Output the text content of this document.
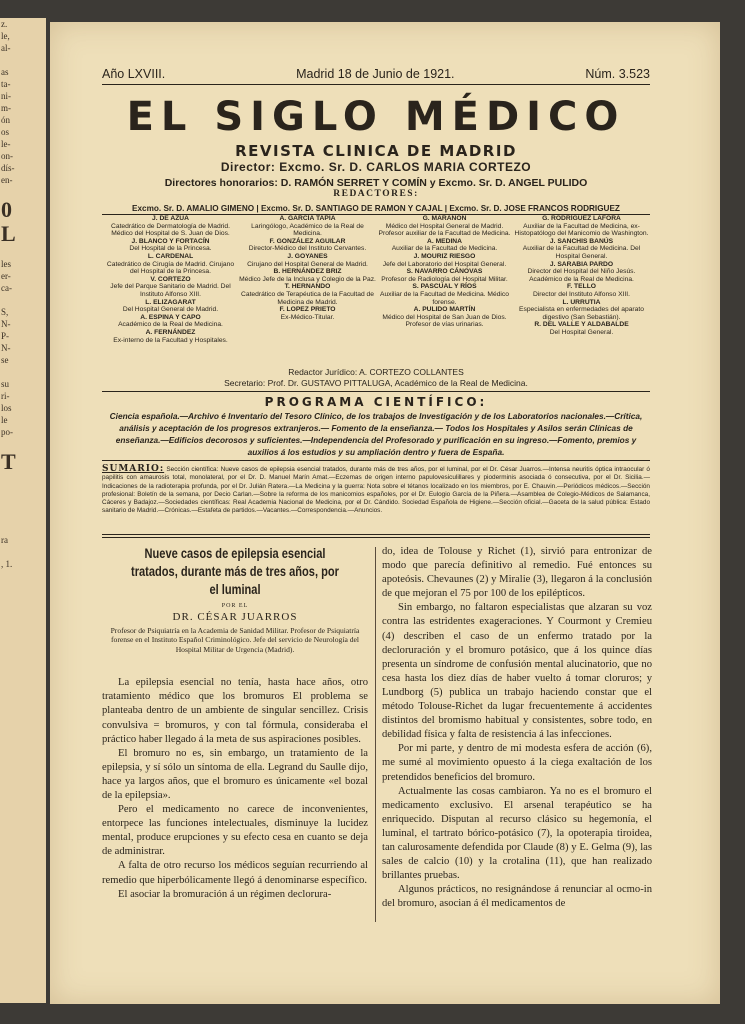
z.
le,
al-

as
ta-
ni-
m-
ón
os
le-
on-
dís-
en-

0
L

les
er-
ca-

S,
N-
P-
N-
se

su
ri-
los
le
po-

T

ra

, 1.
Año LXVIII.	Madrid 18 de Junio de 1921.	Núm. 3.523
EL SIGLO MÉDICO
REVISTA CLINICA DE MADRID
Director: Excmo. Sr. D. CARLOS MARIA CORTEZO
Directores honorarios: D. RAMÓN SERRET Y COMÍN y Excmo. Sr. D. ANGEL PULIDO
REDACTORES:
Excmo. Sr. D. AMALIO GIMENO | Excmo. Sr. D. SANTIAGO DE RAMON Y CAJAL | Excmo. Sr. D. JOSE FRANCOS RODRIGUEZ
J. DE AZÚA
Catedrático de Dermatología de Madrid. Médico del Hospital de S. Juan de Dios.
J. BLANCO Y FORTACÍN
Del Hospital de la Princesa.
L. CARDENAL
Catedrático de Cirugía de Madrid. Cirujano del Hospital de la Princesa.
V. CORTEZO
Jefe del Parque Sanitario de Madrid. Del Instituto Alfonso XIII.
L. ELIZAGARAT
Del Hospital General de Madrid.
A. ESPINA Y CAPO
Académico de la Real de Medicina.
A. FERNÁNDEZ
Ex-interno de la Facultad y Hospitales.
A. GARCÍA TAPIA
Laringólogo, Académico de la Real de Medicina.
F. GONZÁLEZ AGUILAR
Director-Médico del Instituto Cervantes.
J. GOYANES
Cirujano del Hospital General de Madrid.
B. HERNÁNDEZ BRIZ
Médico Jefe de la Inclusa y Colegio de la Paz.
T. HERNANDO
Catedrático de Terapéutica de la Facultad de Medicina de Madrid.
F. LOPEZ PRIETO
Ex-Médico-Titular.
G. MARAÑON
Médico del Hospital General de Madrid. Profesor auxiliar de la Facultad de Medicina.
A. MEDINA
Auxiliar de la Facultad de Medicina.
J. MOURIZ RIESGO
Jefe del Laboratorio del Hospital General.
S. NAVARRO CÁNOVAS
Profesor de Radiología del Hospital Militar.
S. PASCUAL Y RÍOS
Auxiliar de la Facultad de Medicina. Médico forense.
A. PULIDO MARTÍN
Médico del Hospital de San Juan de Dios. Profesor de vías urinarias.
G. RODRÍGUEZ LAFORA
Auxiliar de la Facultad de Medicina, ex-Histopatólogo del Manicomio de Washington.
J. SANCHIS BANÚS
Auxiliar de la Facultad de Medicina. Del Hospital General.
J. SARABIA PARDO
Director del Hospital del Niño Jesús. Académico de la Real de Medicina.
F. TELLO
Director del Instituto Alfonso XIII.
L. URRUTIA
Especialista en enfermedades del aparato digestivo (San Sebastián).
R. DEL VALLE Y ALDABALDE
Del Hospital General.
Redactor Jurídico: A. CORTEZO COLLANTES
Secretario: Prof. Dr. GUSTAVO PITTALUGA, Académico de la Real de Medicina.
PROGRAMA CIENTÍFICO:
Ciencia española.—Archivo é Inventario del Tesoro Clínico, de los trabajos de Investigación y de los Laboratorios nacionales.—Crítica, análisis y aceptación de los progresos extranjeros.— Fomento de la enseñanza.— Todos los Hospitales y Asilos serán Clínicas de enseñanza.—Edificios decorosos y suficientes.—Independencia del Profesorado y purificación en su ingreso.—Fomento, premios y auxilios á los estudios y su ampliación dentro y fuera de España.
SUMARIO: Sección científica: Nueve casos de epilepsia esencial tratados, durante más de tres años, por el luminal, por el Dr. César Juarros.—Intensa neuritis óptica intraocular ó papilitis con amaurosis total, monolateral, por el Dr. D. Manuel Marín Amat.—Eczemas de origen interno papulovesiculillares y pioderminis asociada ó consecutiva, por el Dr. Sicilia.—Indicaciones de la radioterapia profunda, por el Dr. Julián Ratera.—La Medicina y la guerra: Nota sobre el tétanos localizado en los miembros, por E. Chauvin.—Periódicos médicos.—Sección profesional: Boletín de la semana, por Decio Carlan.—Sobre la reforma de los manicomios españoles, por el Dr. Eulogio García de la Piñera.—Asamblea de Colegio-Médicos de Salamanca, Cáceres y Badajoz.—Sociedades científicas: Real Academia Nacional de Medicina, por el Dr. Cándido. Sociedad Española de Higiene.—Sección oficial.—Gaceta de la salud pública: Estado sanitario de Madrid.—Crónicas.—Estafeta de partidos.—Vacantes.—Correspondencia.—Anuncios.
Nueve casos de epilepsia esencial tratados, durante más de tres años, por el luminal
POR EL
DR. CÉSAR JUARROS
Profesor de Psiquiatría en la Academia de Sanidad Militar. Profesor de Psiquiatría forense en el Instituto Español Criminológico. Jefe del servicio de Neurología del Hospital Militar de Urgencia (Madrid).

La epilepsia esencial no tenía, hasta hace años, otro tratamiento médico que los bromuros El problema se planteaba dentro de un ambiente de singular sencillez. Crisis convulsiva = bromuros, y con tal fórmula, consideraba el práctico haber llegado á la meta de sus aspiraciones posibles.

El bromuro no es, sin embargo, un tratamiento de la epilepsia, y sí sólo un síntoma de ella. Legrand du Saulle dijo, hace ya largos años, que el bromuro es únicamente «el bozal de la epilepsia».

Pero el medicamento no carece de inconvenientes, entorpece las funciones intelectuales, disminuye la lucidez mental, produce erupciones y su efecto cesa en cuanto se deja de administrar.

A falta de otro recurso los médicos seguían recurriendo al remedio que hiperbólicamente llegó á denominarse específico.

El asociar la bromuración á un régimen declorura-

do, idea de Tolouse y Richet (1), sirvió para entronizar de modo que parecía definitivo al remedio. Fué entonces su apoteósis. Chevaunes (2) y Miralie (3), llegaron á la conclusión de que mejoran el 75 por 100 de los epilépticos.

Sin embargo, no faltaron especialistas que alzaran su voz contra las estridentes exageraciones. Y Courmont y Cremieu (4) describen el caso de un enfermo tratado por la decloruración y el bromuro potásico, que á los quince días presenta un síndrome de confusión mental alucinatorio, que no cesa hasta los diez días de haber vuelto á tomar cloruros; y Lundborg (5) publica un trabajo haciendo constar que el método Tolouse-Richet da lugar frecuentemente á accidentes distintos del bromismo habitual y consistentes, sobre todo, en debilidad física y falta de resistencia á las infecciones.

Por mi parte, y dentro de mi modesta esfera de acción (6), me sumé al movimiento opuesto á la ciega exaltación de los pretendidos beneficios del bromuro.

Actualmente las cosas cambiaron. Ya no es el bromuro el medicamento exclusivo. El arsenal terapéutico se ha enriquecido. Disputan al recurso clásico su hegemonía, el luminal, el tartrato bórico-potásico (7), la opoterapia tiroidea, tan calurosamente defendida por Claude (8) y E. Gelma (9), las sales de calcio (10) y la crotalina (11), que han realizado brillantes pruebas.

Algunos prácticos, no resignándose á renunciar al ocmo-in del bromuro, asocian á él medicamentos de
